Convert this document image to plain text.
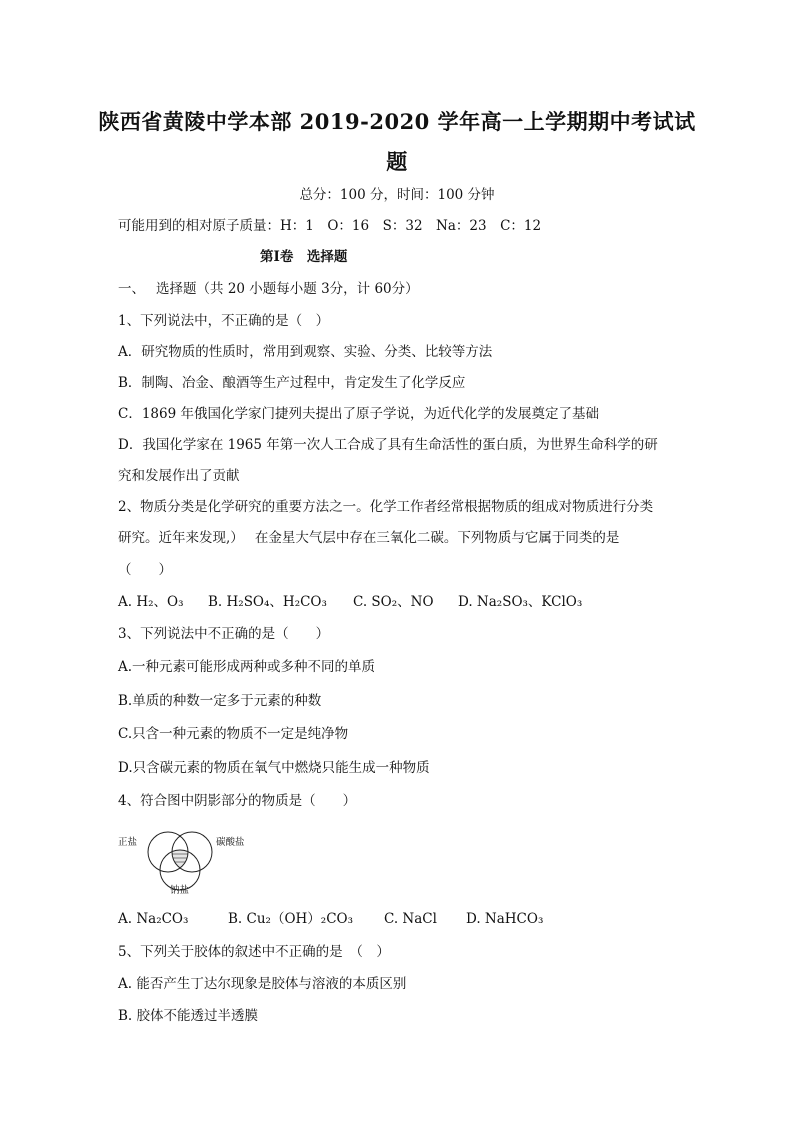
陕西省黄陵中学本部 2019-2020 学年高一上学期期中考试试
题
总分：100 分，时间：100 分钟
可能用到的相对原子质量：H：1　O：16　S：32　Na：23　C：12
第Ⅰ卷　选择题
一、　 选择题（共 20 小题每小题 3分，计 60分）
1、下列说法中，不正确的是（　）
A．研究物质的性质时，常用到观察、实验、分类、比较等方法
B．制陶、冶金、酿酒等生产过程中，肯定发生了化学反应
C．1869 年俄国化学家门捷列夫提出了原子学说，为近代化学的发展奠定了基础
D．我国化学家在 1965 年第一次人工合成了具有生命活性的蛋白质，为世界生命科学的研
究和发展作出了贡献
2、物质分类是化学研究的重要方法之一。化学工作者经常根据物质的组成对物质进行分类
研究。近年来发现,）　 在金星大气层中存在三氧化二碳。下列物质与它属于同类的是
（　　）
A. H₂、O₃	B. H₂SO₄、H₂CO₃	C. SO₂、NO	D. Na₂SO₃、KClO₃
3、下列说法中不正确的是（　　）
A.一种元素可能形成两种或多种不同的单质
B.单质的种数一定多于元素的种数
C.只含一种元素的物质不一定是纯净物
D.只含碳元素的物质在氧气中燃烧只能生成一种物质
4、符合图中阴影部分的物质是（　　）
正盐	碳酸盐
钠盐
A. Na₂CO₃	B. Cu₂（OH）₂CO₃	C. NaCl	D. NaHCO₃
5、下列关于胶体的叙述中不正确的是　（　）
A. 能否产生丁达尔现象是胶体与溶液的本质区别
B. 胶体不能透过半透膜
